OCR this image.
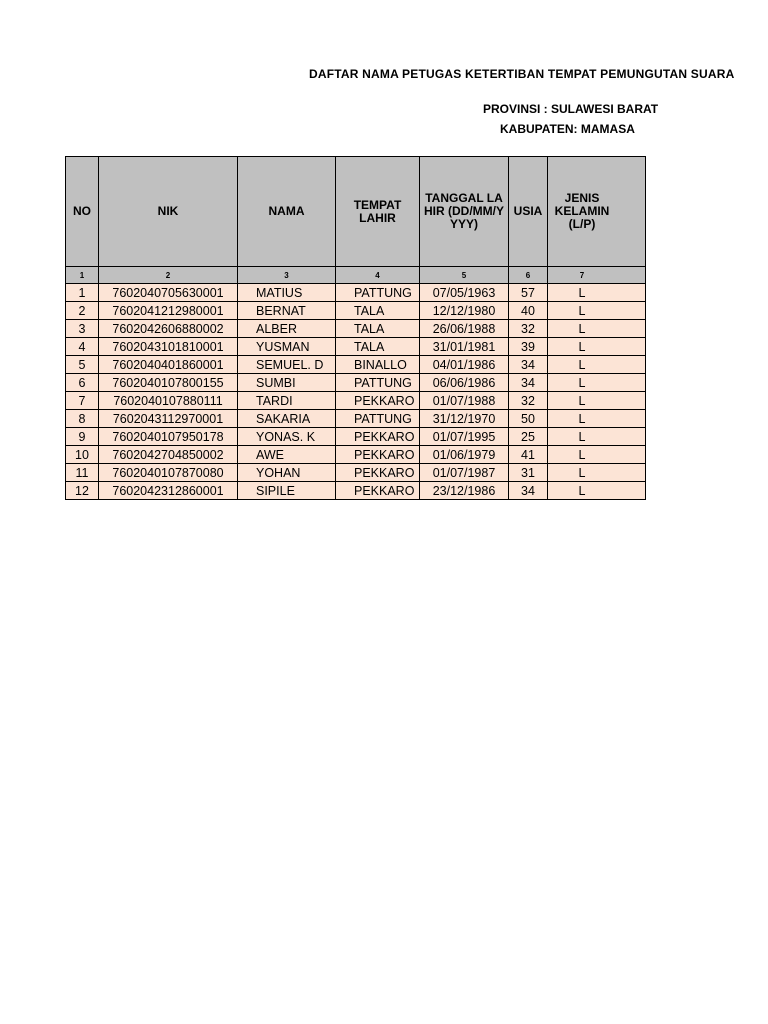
DAFTAR NAMA PETUGAS KETERTIBAN TEMPAT PEMUNGUTAN SUARA
PROVINSI : SULAWESI BARAT
KABUPATEN: MAMASA
NO	NIK	NAMA	TEMPAT LAHIR	TANGGAL LAHIR (DD/MM/YYYY)	USIA	JENIS KELAMIN (L/P)
1	2	3	4	5	6	7
1	7602040705630001	MATIUS	PATTUNG	07/05/1963	57	L
2	7602041212980001	BERNAT	TALA	12/12/1980	40	L
3	7602042606880002	ALBER	TALA	26/06/1988	32	L
4	7602043101810001	YUSMAN	TALA	31/01/1981	39	L
5	7602040401860001	SEMUEL. D	BINALLO	04/01/1986	34	L
6	7602040107800155	SUMBI	PATTUNG	06/06/1986	34	L
7	7602040107880111	TARDI	PEKKARO	01/07/1988	32	L
8	7602043112970001	SAKARIA	PATTUNG	31/12/1970	50	L
9	7602040107950178	YONAS. K	PEKKARO	01/07/1995	25	L
10	7602042704850002	AWE	PEKKARO	01/06/1979	41	L
11	7602040107870080	YOHAN	PEKKARO	01/07/1987	31	L
12	7602042312860001	SIPILE	PEKKARO	23/12/1986	34	L
